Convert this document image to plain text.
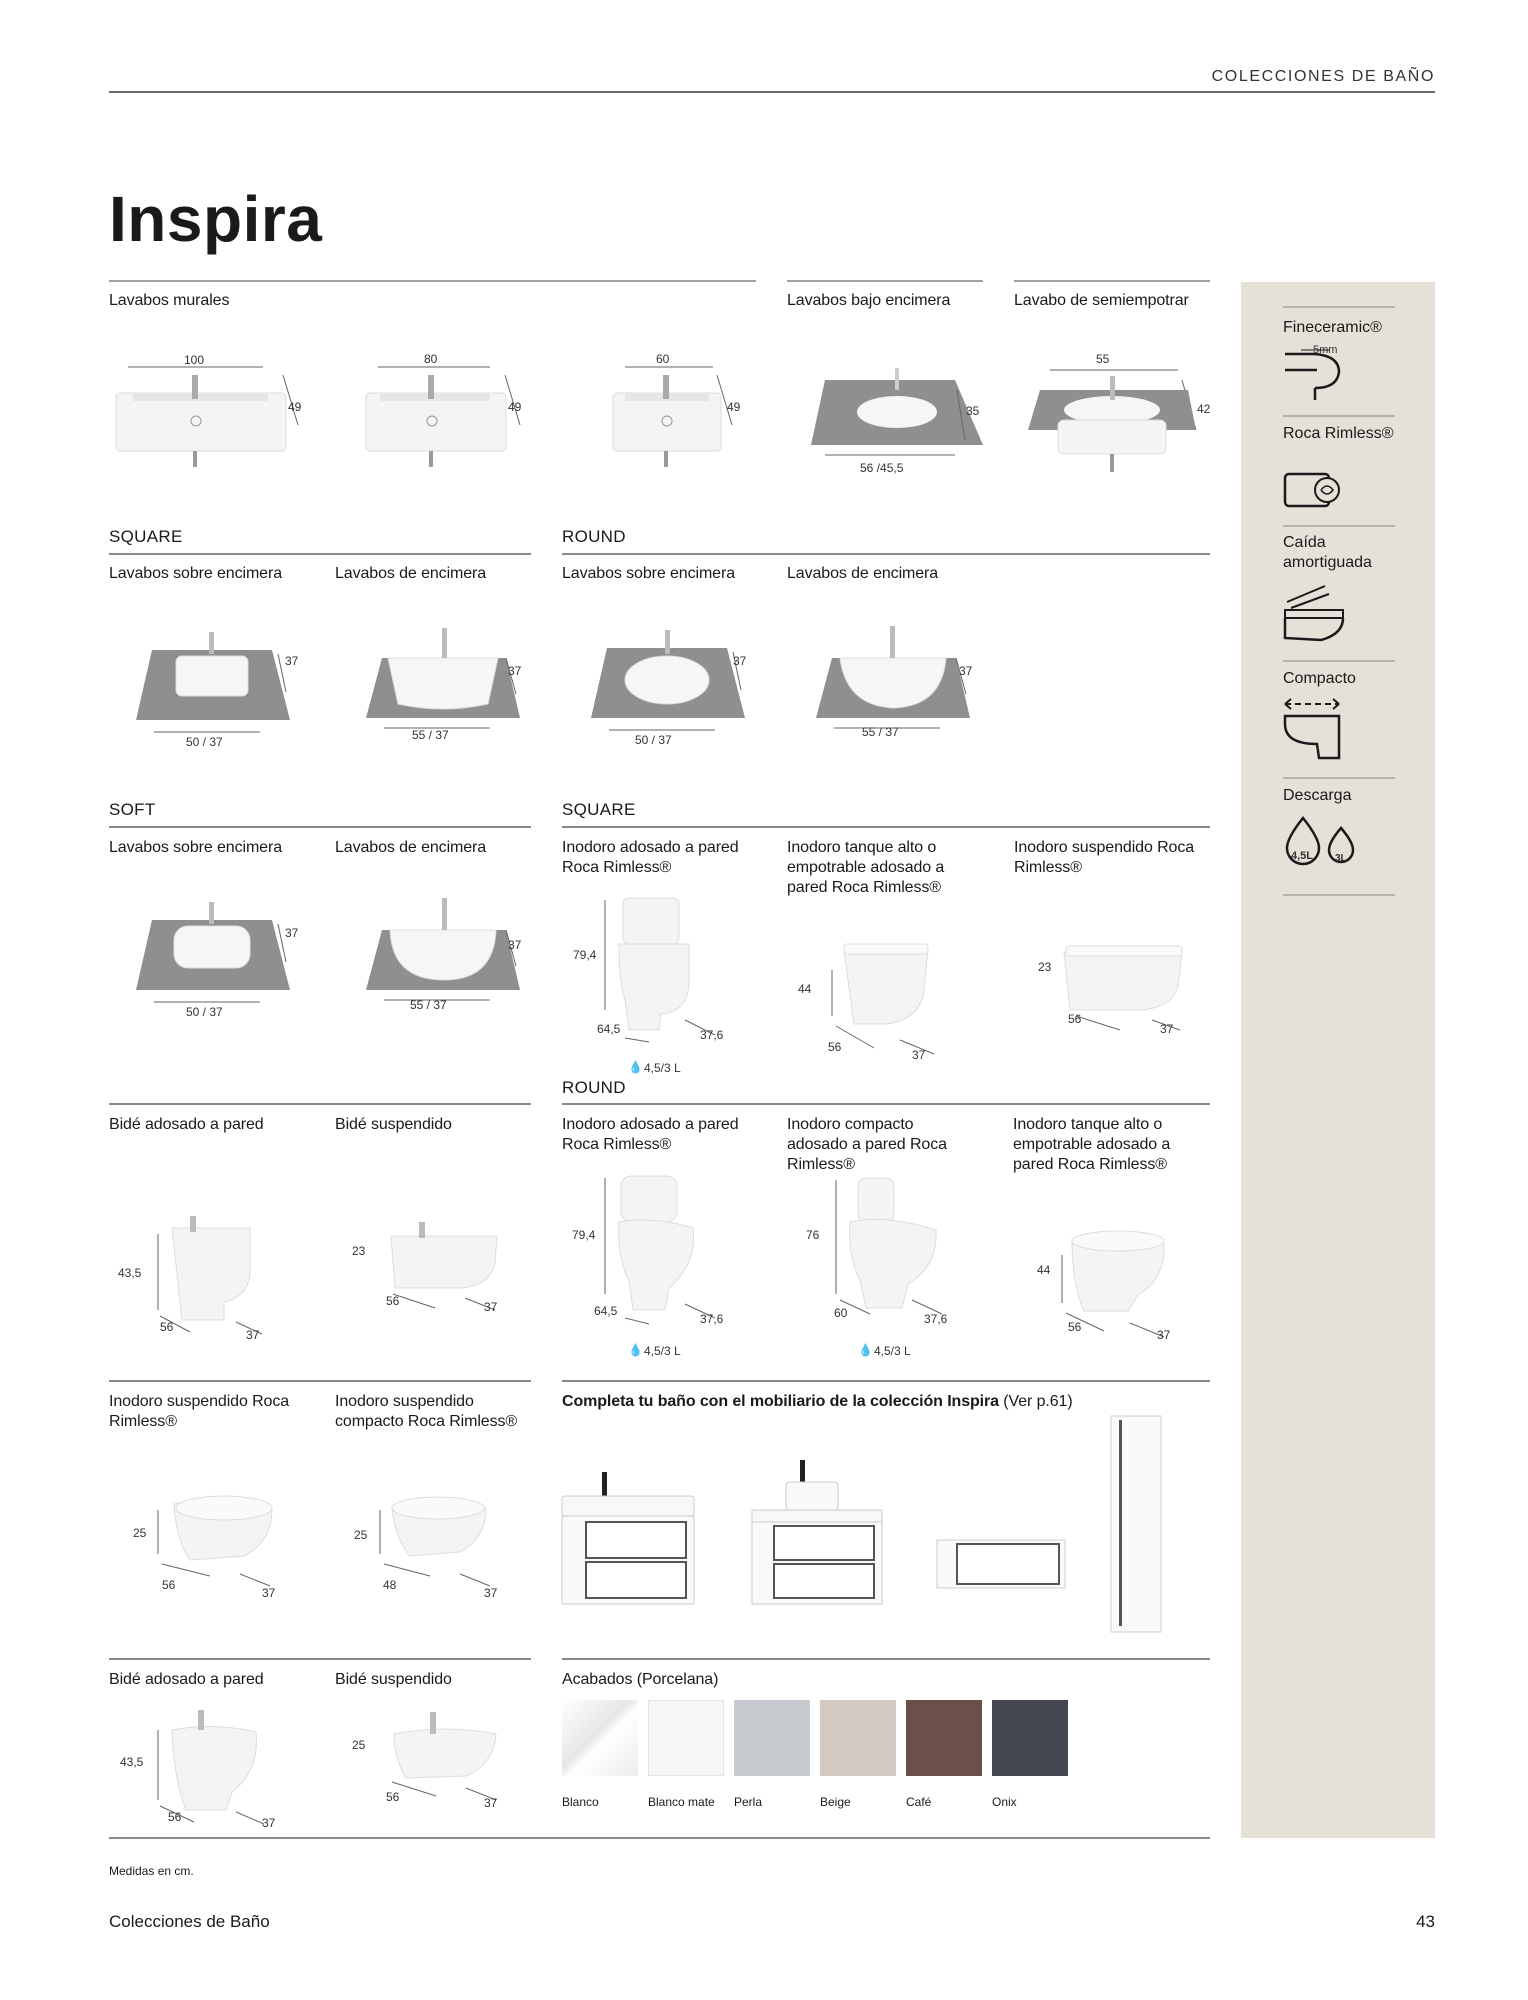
COLECCIONES DE BAÑO
Inspira
Lavabos murales	Lavabos bajo encimera	Lavabo de semiempotrar
100
49
80
49
60
49	35
56 /45,5
55
42
SQUARE	ROUND
Lavabos sobre encimera	Lavabos de encimera	Lavabos sobre encimera	Lavabos de encimera
37
50 / 37
37
55 / 37
37
50 / 37
37
55 / 37
SOFT	SQUARE
Lavabos sobre encimera	Lavabos de encimera	Inodoro adosado a pared Roca Rimless®
Inodoro tanque alto o empotrable adosado a pared Roca Rimless®
Inodoro suspendido Roca Rimless®
37
50 / 37
37
55 / 37
79,4
64,5	37,6
💧 4,5/3 L
44
56
37
23
56
37
ROUND
Bidé adosado a pared	Bidé suspendido	Inodoro adosado a pared Roca Rimless®
Inodoro compacto adosado a pared Roca Rimless®
Inodoro tanque alto o empotrable adosado a pared Roca Rimless®
43,5
56
37
23
56	37
79,4
64,5
37,6
💧 4,5/3 L
76
60	37,6
💧 4,5/3 L
44
56
37
Inodoro suspendido Roca Rimless®
Inodoro suspendido compacto Roca Rimless®
Completa tu baño con el mobiliario de la colección Inspira (Ver p.61)
25
56
37
25
48
37
Bidé adosado a pared	Bidé suspendido	Acabados (Porcelana)
43,5
56	37
25
56	37	Blanco	Blanco mate Perla	Beige	Café	Onix
Fineceramic®
5mm
Roca Rimless®
Caída amortiguada
Compacto
Descarga
4,5L 3L
Medidas en cm.
Colecciones de Baño	43
